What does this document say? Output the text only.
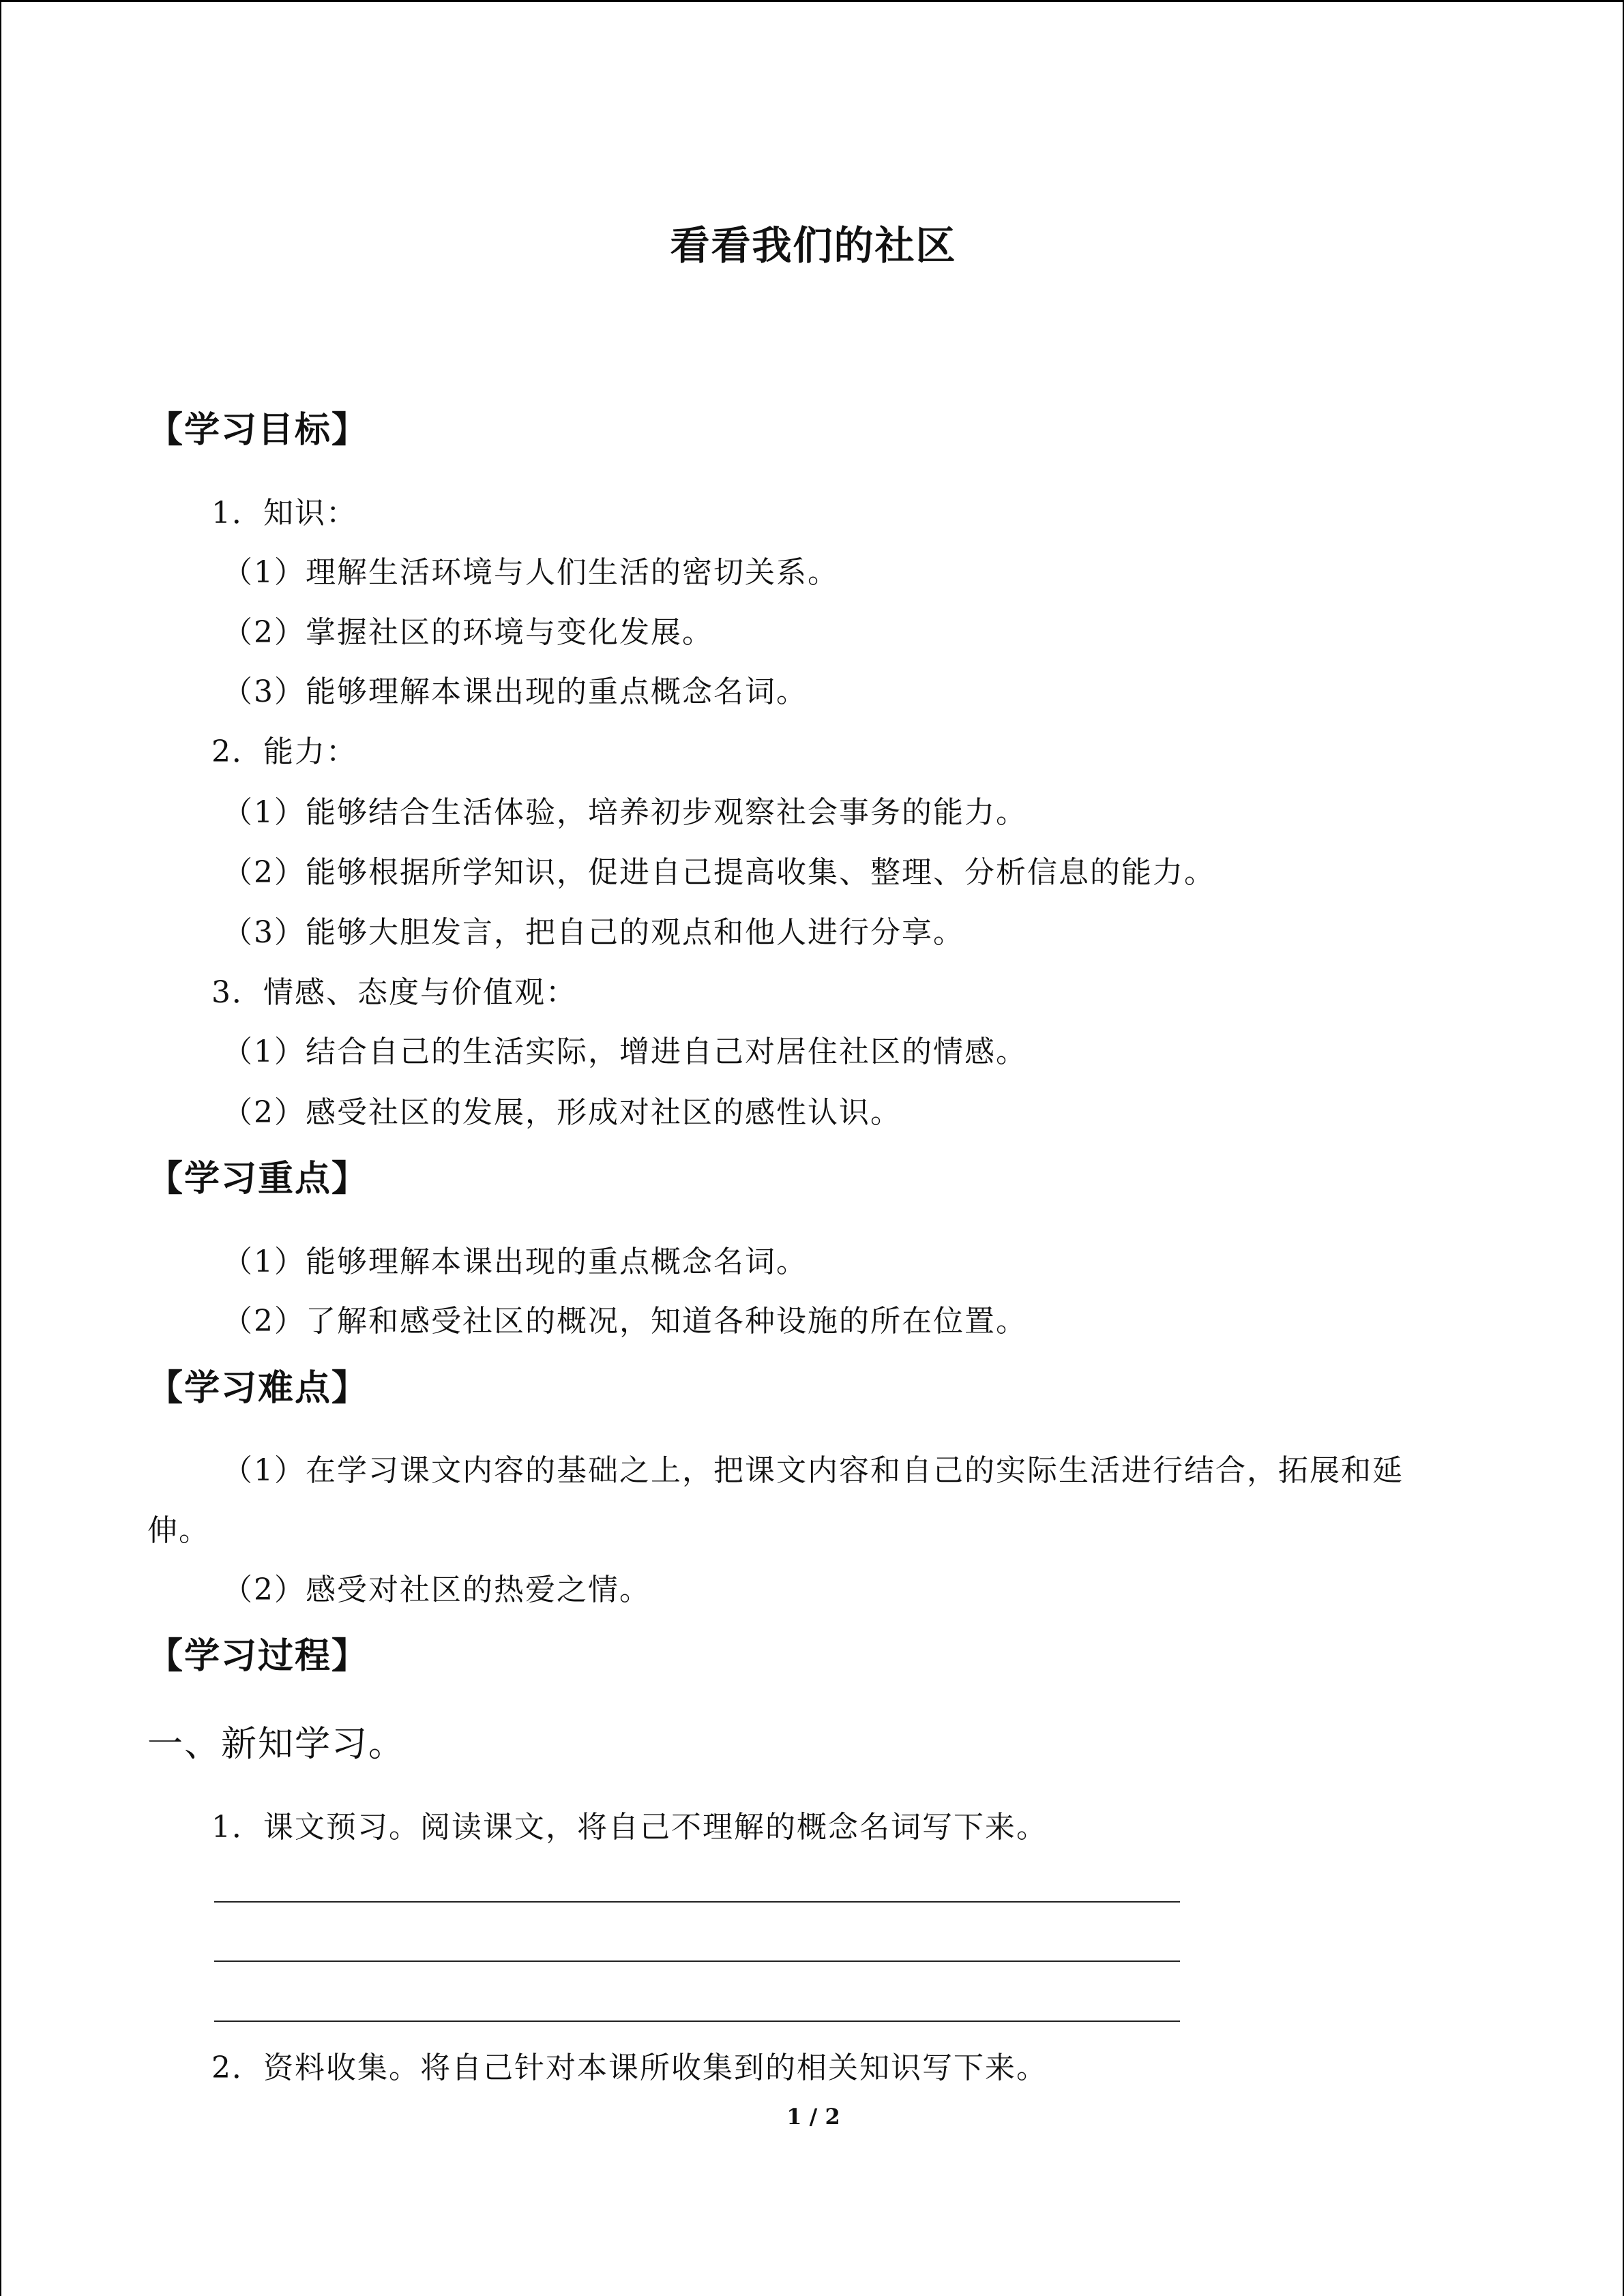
看看我们的社区
【学习目标】
1．知识：
（1）理解生活环境与人们生活的密切关系。
（2）掌握社区的环境与变化发展。
（3）能够理解本课出现的重点概念名词。
2．能力：
（1）能够结合生活体验，培养初步观察社会事务的能力。
（2）能够根据所学知识，促进自己提高收集、整理、分析信息的能力。
（3）能够大胆发言，把自己的观点和他人进行分享。
3．情感、态度与价值观：
（1）结合自己的生活实际，增进自己对居住社区的情感。
（2）感受社区的发展，形成对社区的感性认识。
【学习重点】
（1）能够理解本课出现的重点概念名词。
（2）了解和感受社区的概况，知道各种设施的所在位置。
【学习难点】
（1）在学习课文内容的基础之上，把课文内容和自己的实际生活进行结合，拓展和延
伸。
（2）感受对社区的热爱之情。
【学习过程】
一、新知学习。
1．课文预习。阅读课文，将自己不理解的概念名词写下来。
2．资料收集。将自己针对本课所收集到的相关知识写下来。
1 / 2
